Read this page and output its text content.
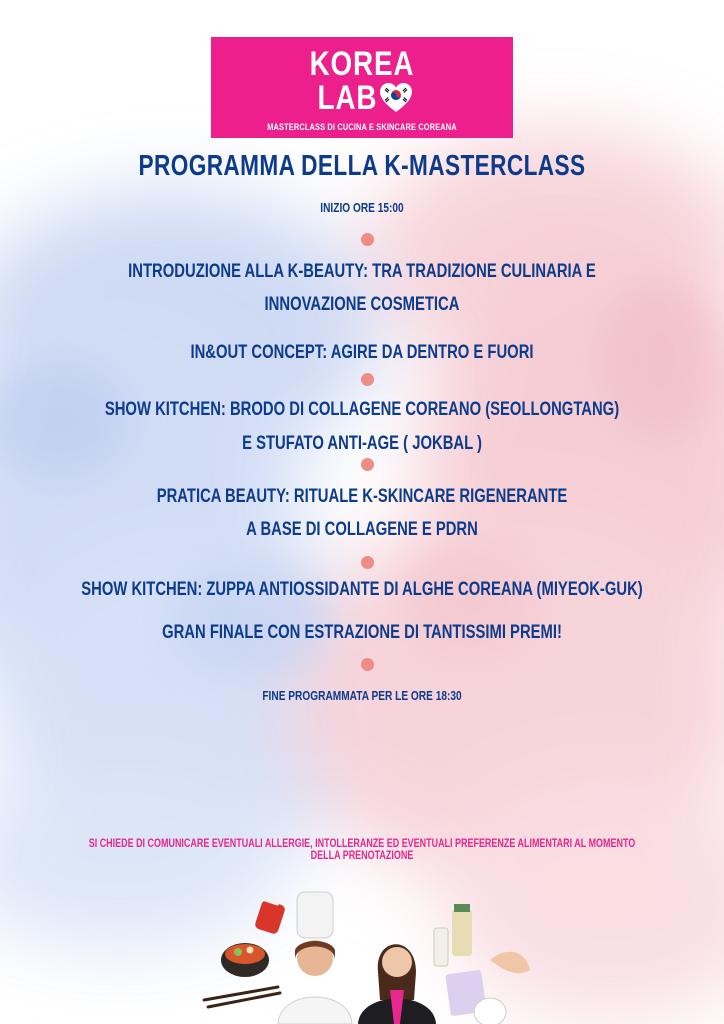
KOREA
LAB
MASTERCLASS DI CUCINA E SKINCARE COREANA
PROGRAMMA DELLA K-MASTERCLASS
INIZIO ORE 15:00
INTRODUZIONE ALLA K-BEAUTY: TRA TRADIZIONE CULINARIA E
INNOVAZIONE COSMETICA
IN&OUT CONCEPT: AGIRE DA DENTRO E FUORI
SHOW KITCHEN: BRODO DI COLLAGENE COREANO (SEOLLONGTANG)
E STUFATO ANTI-AGE ( JOKBAL )
PRATICA BEAUTY: RITUALE K-SKINCARE RIGENERANTE
A BASE DI COLLAGENE E PDRN
SHOW KITCHEN: ZUPPA ANTIOSSIDANTE DI ALGHE COREANA (MIYEOK-GUK)
GRAN FINALE CON ESTRAZIONE DI TANTISSIMI PREMI!
FINE PROGRAMMATA PER LE ORE 18:30
SI CHIEDE DI COMUNICARE EVENTUALI ALLERGIE, INTOLLERANZE ED EVENTUALI PREFERENZE ALIMENTARI AL MOMENTO DELLA PRENOTAZIONE
